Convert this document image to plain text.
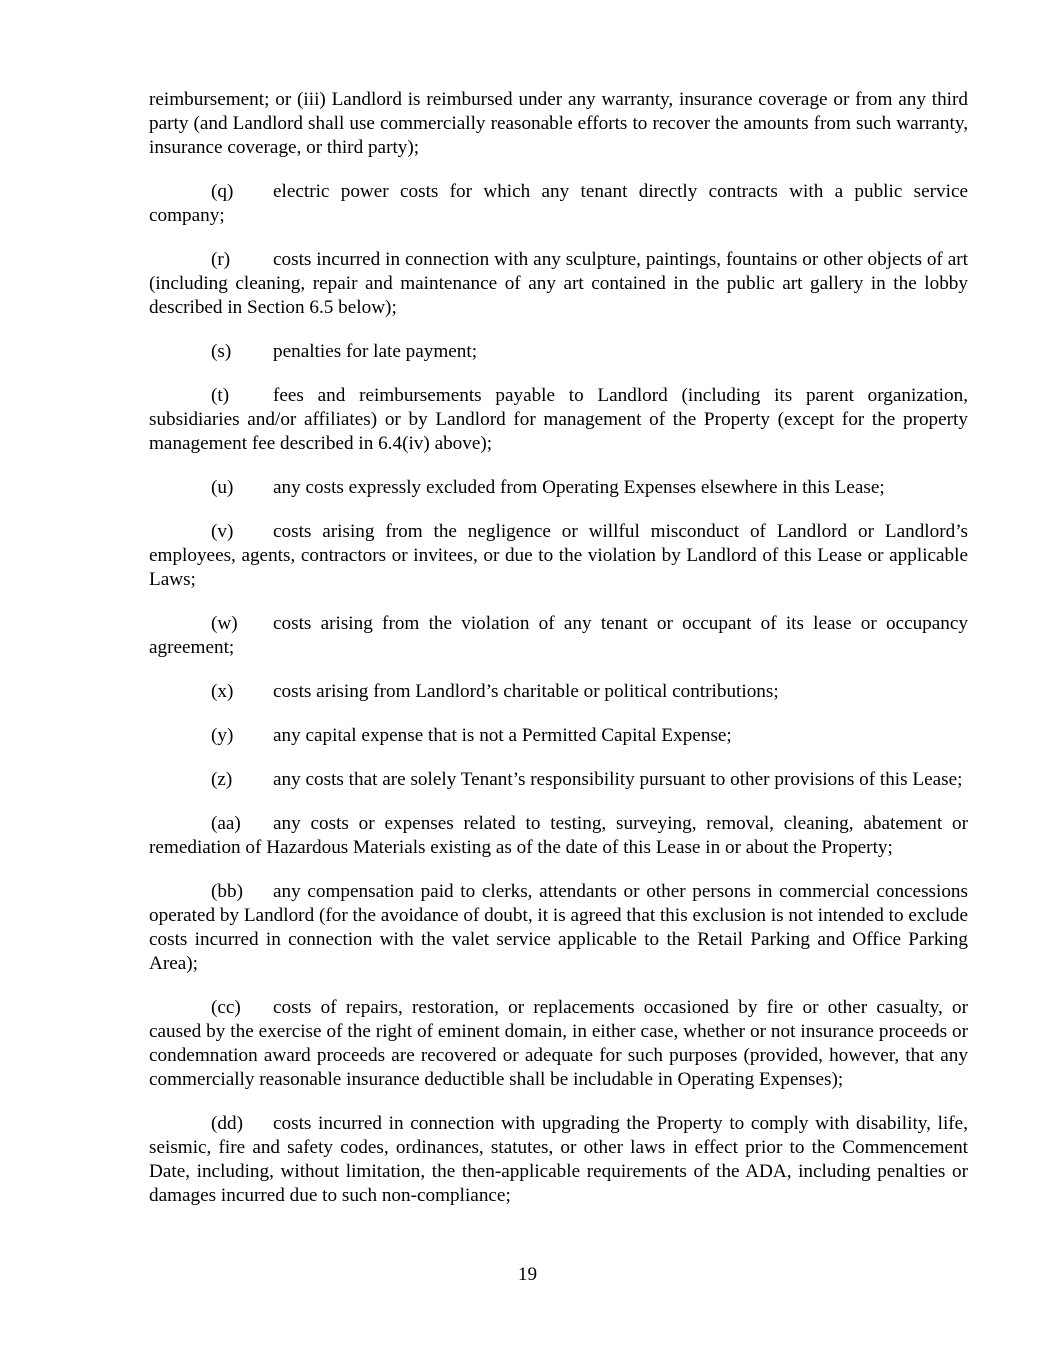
reimbursement; or (iii) Landlord is reimbursed under any warranty, insurance coverage or from any third party (and Landlord shall use commercially reasonable efforts to recover the amounts from such warranty, insurance coverage, or third party);

(q) electric power costs for which any tenant directly contracts with a public service company;

(r) costs incurred in connection with any sculpture, paintings, fountains or other objects of art (including cleaning, repair and maintenance of any art contained in the public art gallery in the lobby described in Section 6.5 below);

(s) penalties for late payment;

(t) fees and reimbursements payable to Landlord (including its parent organization, subsidiaries and/or affiliates) or by Landlord for management of the Property (except for the property management fee described in 6.4(iv) above);

(u) any costs expressly excluded from Operating Expenses elsewhere in this Lease;

(v) costs arising from the negligence or willful misconduct of Landlord or Landlord’s employees, agents, contractors or invitees, or due to the violation by Landlord of this Lease or applicable Laws;

(w) costs arising from the violation of any tenant or occupant of its lease or occupancy agreement;

(x) costs arising from Landlord’s charitable or political contributions;

(y) any capital expense that is not a Permitted Capital Expense;

(z) any costs that are solely Tenant’s responsibility pursuant to other provisions of this Lease;

(aa) any costs or expenses related to testing, surveying, removal, cleaning, abatement or remediation of Hazardous Materials existing as of the date of this Lease in or about the Property;

(bb) any compensation paid to clerks, attendants or other persons in commercial concessions operated by Landlord (for the avoidance of doubt, it is agreed that this exclusion is not intended to exclude costs incurred in connection with the valet service applicable to the Retail Parking and Office Parking Area);

(cc) costs of repairs, restoration, or replacements occasioned by fire or other casualty, or caused by the exercise of the right of eminent domain, in either case, whether or not insurance proceeds or condemnation award proceeds are recovered or adequate for such purposes (provided, however, that any commercially reasonable insurance deductible shall be includable in Operating Expenses);

(dd) costs incurred in connection with upgrading the Property to comply with disability, life, seismic, fire and safety codes, ordinances, statutes, or other laws in effect prior to the Commencement Date, including, without limitation, the then-applicable requirements of the ADA, including penalties or damages incurred due to such non-compliance;

19
